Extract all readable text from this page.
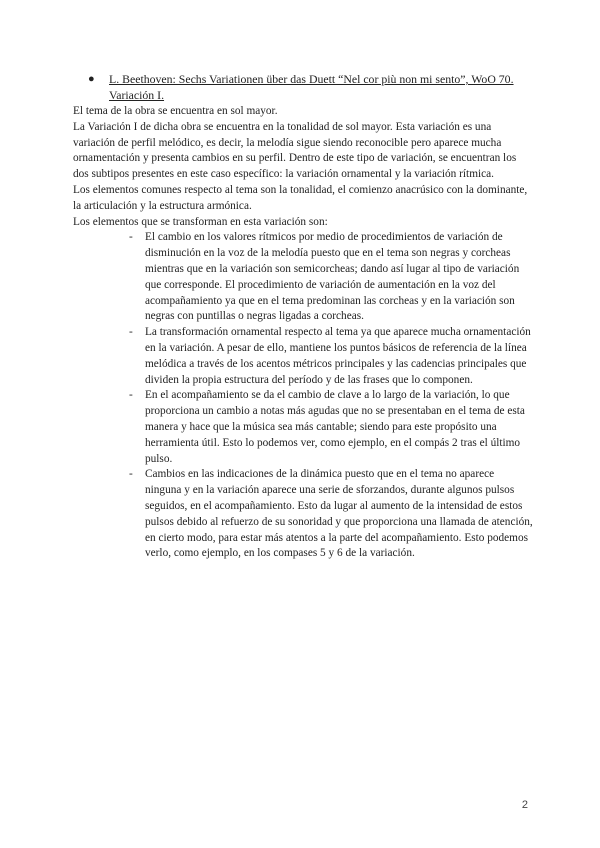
● L. Beethoven: Sechs Variationen über das Duett “Nel cor più non mi sento”, WoO 70. Variación I.

El tema de la obra se encuentra en sol mayor.

La Variación I de dicha obra se encuentra en la tonalidad de sol mayor. Esta variación es una variación de perfil melódico, es decir, la melodía sigue siendo reconocible pero aparece mucha ornamentación y presenta cambios en su perfil. Dentro de este tipo de variación, se encuentran los dos subtipos presentes en este caso específico: la variación ornamental y la variación rítmica.

Los elementos comunes respecto al tema son la tonalidad, el comienzo anacrúsico con la dominante, la articulación y la estructura armónica.

Los elementos que se transforman en esta variación son:

- El cambio en los valores rítmicos por medio de procedimientos de variación de disminución en la voz de la melodía puesto que en el tema son negras y corcheas mientras que en la variación son semicorcheas; dando así lugar al tipo de variación que corresponde. El procedimiento de variación de aumentación en la voz del acompañamiento ya que en el tema predominan las corcheas y en la variación son negras con puntillas o negras ligadas a corcheas.
- La transformación ornamental respecto al tema ya que aparece mucha ornamentación en la variación. A pesar de ello, mantiene los puntos básicos de referencia de la línea melódica a través de los acentos métricos principales y las cadencias principales que dividen la propia estructura del período y de las frases que lo componen.
- En el acompañamiento se da el cambio de clave a lo largo de la variación, lo que proporciona un cambio a notas más agudas que no se presentaban en el tema de esta manera y hace que la música sea más cantable; siendo para este propósito una herramienta útil. Esto lo podemos ver, como ejemplo, en el compás 2 tras el último pulso.
- Cambios en las indicaciones de la dinámica puesto que en el tema no aparece ninguna y en la variación aparece una serie de sforzandos, durante algunos pulsos seguidos, en el acompañamiento. Esto da lugar al aumento de la intensidad de estos pulsos debido al refuerzo de su sonoridad y que proporciona una llamada de atención, en cierto modo, para estar más atentos a la parte del acompañamiento. Esto podemos verlo, como ejemplo, en los compases 5 y 6 de la variación.
2
